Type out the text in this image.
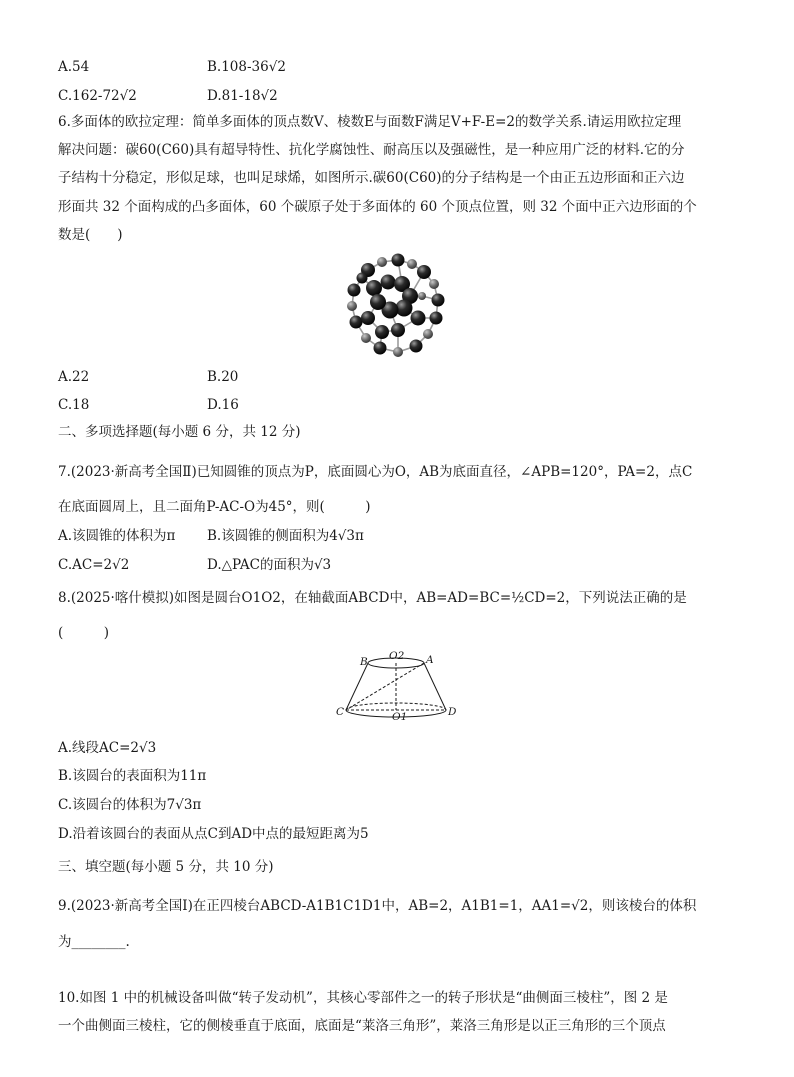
A.54	B.108-36√2
C.162-72√2	D.81-18√2
6.多面体的欧拉定理：简单多面体的顶点数V、棱数E与面数F满足V+F-E=2的数学关系.请运用欧拉定理
解决问题：碳60(C60)具有超导特性、抗化学腐蚀性、耐高压以及强磁性，是一种应用广泛的材料.它的分
子结构十分稳定，形似足球，也叫足球烯，如图所示.碳60(C60)的分子结构是一个由正五边形面和正六边
形面共 32 个面构成的凸多面体，60 个碳原子处于多面体的 60 个顶点位置，则 32 个面中正六边形面的个
数是(　　)
A.22	B.20
C.18	D.16
二、多项选择题(每小题 6 分，共 12 分)
7.(2023·新高考全国Ⅱ)已知圆锥的顶点为P，底面圆心为O，AB为底面直径，∠APB=120°，PA=2，点C
在底面圆周上，且二面角P-AC-O为45°，则(　　　)
A.该圆锥的体积为π B.该圆锥的侧面积为4√3π
C.AC=2√2	D.△PAC的面积为√3
8.(2025·喀什模拟)如图是圆台O1O2，在轴截面ABCD中，AB=AD=BC=½CD=2，下列说法正确的是
(　　　)
B O2 A
C	O1	D
A.线段AC=2√3
B.该圆台的表面积为11π
C.该圆台的体积为7√3π
D.沿着该圆台的表面从点C到AD中点的最短距离为5
三、填空题(每小题 5 分，共 10 分)
9.(2023·新高考全国Ⅰ)在正四棱台ABCD-A1B1C1D1中，AB=2，A1B1=1，AA1=√2，则该棱台的体积
为________.
10.如图 1 中的机械设备叫做“转子发动机”，其核心零部件之一的转子形状是“曲侧面三棱柱”，图 2 是
一个曲侧面三棱柱，它的侧棱垂直于底面，底面是“莱洛三角形”，莱洛三角形是以正三角形的三个顶点
